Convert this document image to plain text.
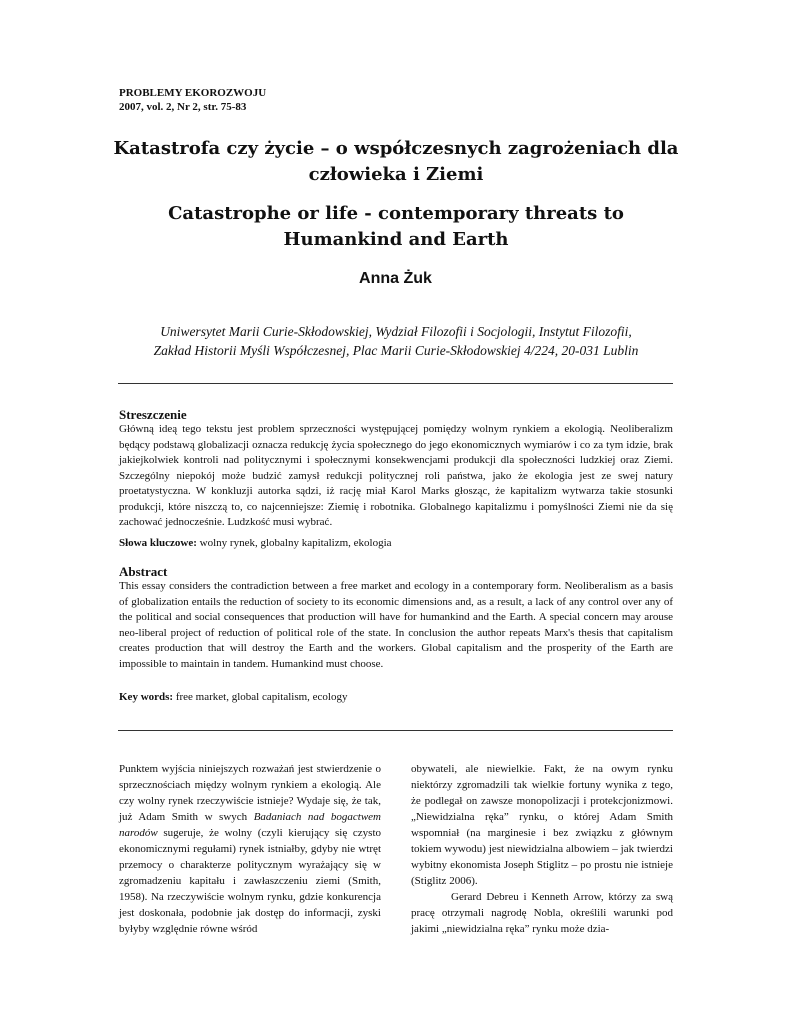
PROBLEMY EKOROZWOJU
2007, vol. 2, Nr 2, str. 75-83
Katastrofa czy życie – o współczesnych zagrożeniach dla człowieka i Ziemi
Catastrophe or life - contemporary threats to Humankind and Earth
Anna Żuk
Uniwersytet Marii Curie-Skłodowskiej, Wydział Filozofii i Socjologii, Instytut Filozofii,
Zakład Historii Myśli Współczesnej, Plac Marii Curie-Skłodowskiej 4/224, 20-031 Lublin
Streszczenie
Główną ideą tego tekstu jest problem sprzeczności występującej pomiędzy wolnym rynkiem a ekologią. Neoliberalizm będący podstawą globalizacji oznacza redukcję życia społecznego do jego ekonomicznych wymiarów i co za tym idzie, brak jakiejkolwiek kontroli nad politycznymi i społecznymi konsekwencjami produkcji dla społeczności ludzkiej oraz Ziemi. Szczególny niepokój może budzić zamysł redukcji politycznej roli państwa, jako że ekologia jest ze swej natury proetatystyczna. W konkluzji autorka sądzi, iż rację miał Karol Marks głosząc, że kapitalizm wytwarza takie stosunki produkcji, które niszczą to, co najcenniejsze: Ziemię i robotnika. Globalnego kapitalizmu i pomyślności Ziemi nie da się zachować jednocześnie. Ludzkość musi wybrać.
Słowa kluczowe: wolny rynek, globalny kapitalizm, ekologia
Abstract
This essay considers the contradiction between a free market and ecology in a contemporary form. Neoliberalism as a basis of globalization entails the reduction of society to its economic dimensions and, as a result, a lack of any control over any of the political and social consequences that production will have for humankind and the Earth. A special concern may arouse neo-liberal project of reduction of political role of the state. In conclusion the author repeats Marx's thesis that capitalism creates production that will destroy the Earth and the workers. Global capitalism and the prosperity of the Earth are impossible to maintain in tandem. Humankind must choose.
Key words: free market, global capitalism, ecology

Punktem wyjścia niniejszych rozważań jest stwierdzenie o sprzecznościach między wolnym rynkiem a ekologią. Ale czy wolny rynek rzeczywiście istnieje? Wydaje się, że tak, już Adam Smith w swych Badaniach nad bogactwem narodów sugeruje, że wolny (czyli kierujący się czysto ekonomicznymi regułami) rynek istniałby, gdyby nie wtręt przemocy o charakterze politycznym wyrażający się w zgromadzeniu kapitału i zawłaszczeniu ziemi (Smith, 1958). Na rzeczywiście wolnym rynku, gdzie konkurencja jest doskonała, podobnie jak dostęp do informacji, zyski byłyby względnie równe wśród

obywateli, ale niewielkie. Fakt, że na owym rynku niektórzy zgromadzili tak wielkie fortuny wynika z tego, że podlegał on zawsze monopolizacji i protekcjonizmowi. „Niewidzialna ręka” rynku, o której Adam Smith wspomniał (na marginesie i bez związku z głównym tokiem wywodu) jest niewidzialna albowiem – jak twierdzi wybitny ekonomista Joseph Stiglitz – po prostu nie istnieje (Stiglitz 2006).

Gerard Debreu i Kenneth Arrow, którzy za swą pracę otrzymali nagrodę Nobla, określili warunki pod jakimi „niewidzialna ręka” rynku może dzia-
